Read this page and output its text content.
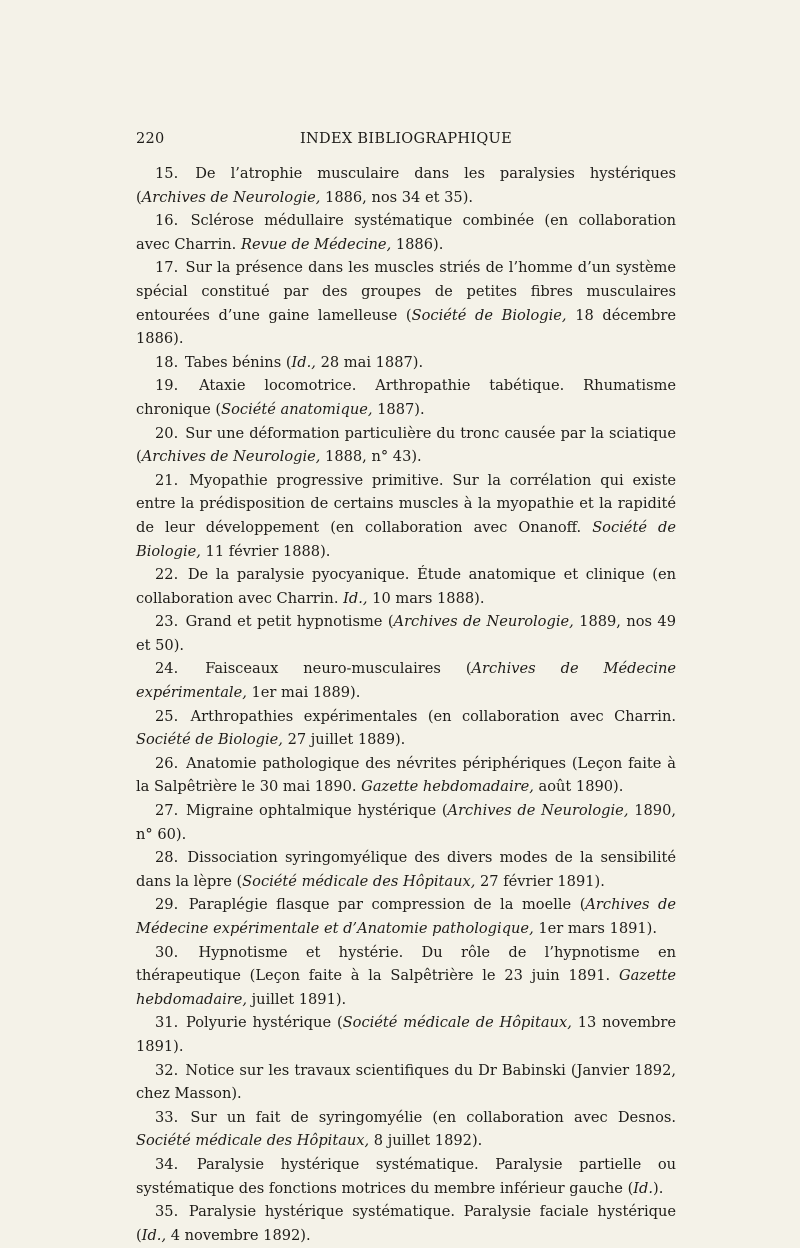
220	INDEX BIBLIOGRAPHIQUE

15. De l’atrophie musculaire dans les paralysies hystériques (Archives de Neurologie, 1886, nos 34 et 35).

16. Sclérose médullaire systématique combinée (en collaboration avec Charrin. Revue de Médecine, 1886).

17. Sur la présence dans les muscles striés de l’homme d’un système spécial constitué par des groupes de petites fibres musculaires entourées d’une gaine lamelleuse (Société de Biologie, 18 décembre 1886).

18. Tabes bénins (Id., 28 mai 1887).

19. Ataxie locomotrice. Arthropathie tabétique. Rhumatisme chronique (Société anatomique, 1887).

20. Sur une déformation particulière du tronc causée par la sciatique (Archives de Neurologie, 1888, n° 43).

21. Myopathie progressive primitive. Sur la corrélation qui existe entre la prédisposition de certains muscles à la myopathie et la rapidité de leur développement (en collaboration avec Onanoff. Société de Biologie, 11 février 1888).

22. De la paralysie pyocyanique. Étude anatomique et clinique (en collaboration avec Charrin. Id., 10 mars 1888).

23. Grand et petit hypnotisme (Archives de Neurologie, 1889, nos 49 et 50).

24. Faisceaux neuro-musculaires (Archives de Médecine expérimentale, 1er mai 1889).

25. Arthropathies expérimentales (en collaboration avec Charrin. Société de Biologie, 27 juillet 1889).

26. Anatomie pathologique des névrites périphériques (Leçon faite à la Salpêtrière le 30 mai 1890. Gazette hebdomadaire, août 1890).

27. Migraine ophtalmique hystérique (Archives de Neurologie, 1890, n° 60).

28. Dissociation syringomyélique des divers modes de la sensibilité dans la lèpre (Société médicale des Hôpitaux, 27 février 1891).

29. Paraplégie flasque par compression de la moelle (Archives de Médecine expérimentale et d’Anatomie pathologique, 1er mars 1891).

30. Hypnotisme et hystérie. Du rôle de l’hypnotisme en thérapeutique (Leçon faite à la Salpêtrière le 23 juin 1891. Gazette hebdomadaire, juillet 1891).

31. Polyurie hystérique (Société médicale de Hôpitaux, 13 novembre 1891).

32. Notice sur les travaux scientifiques du Dr Babinski (Janvier 1892, chez Masson).

33. Sur un fait de syringomyélie (en collaboration avec Desnos. Société médicale des Hôpitaux, 8 juillet 1892).

34. Paralysie hystérique systématique. Paralysie partielle ou systématique des fonctions motrices du membre inférieur gauche (Id.).

35. Paralysie hystérique systématique. Paralysie faciale hystérique (Id., 4 novembre 1892).
